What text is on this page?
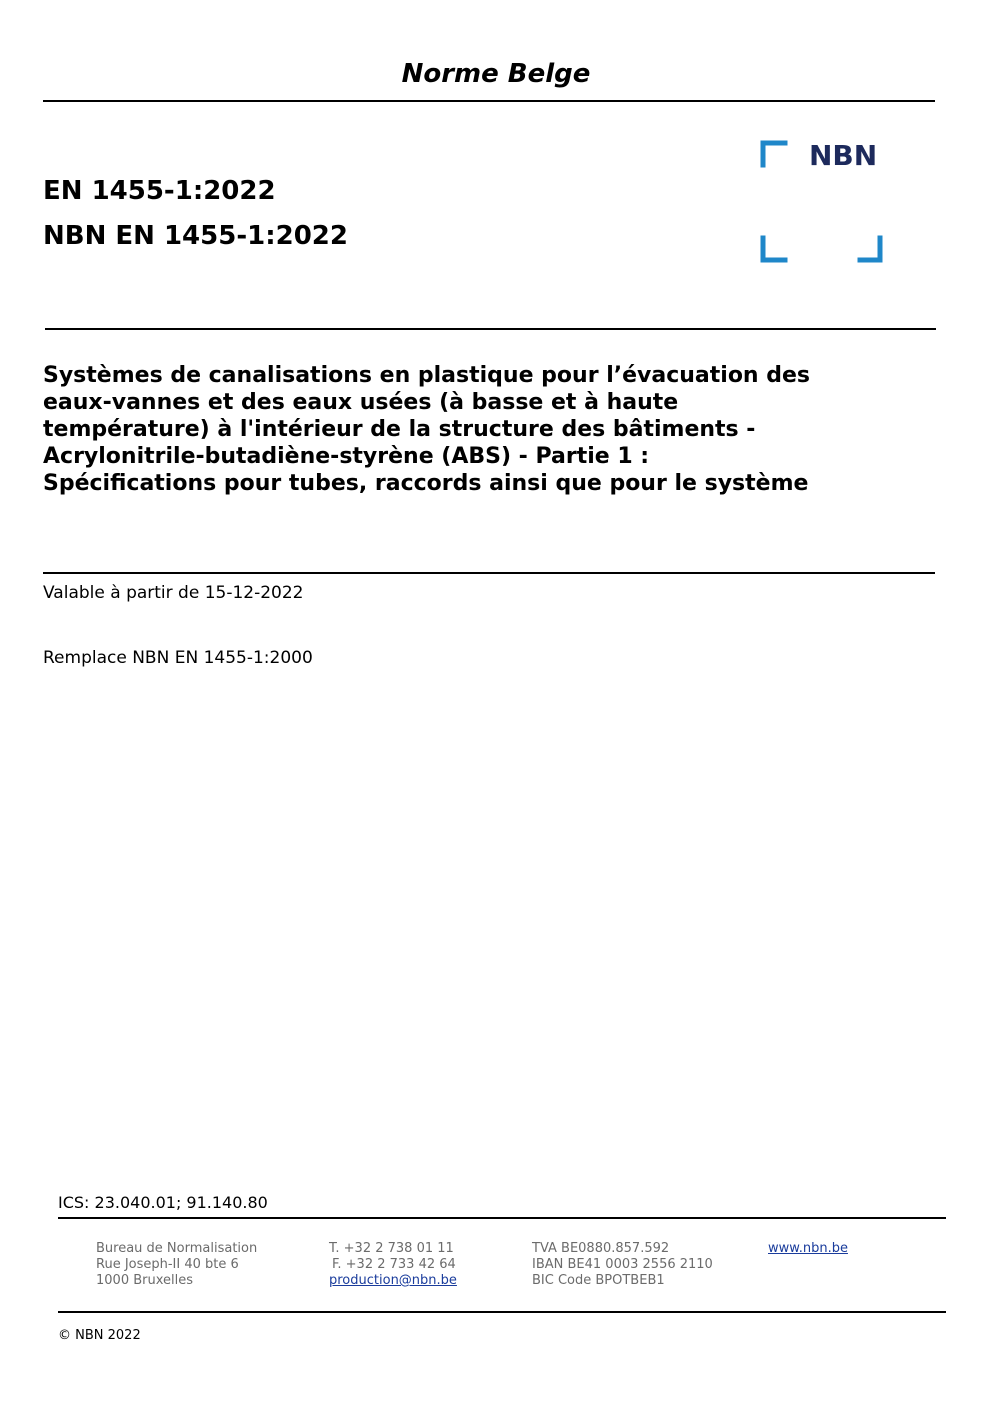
Norme Belge
EN 1455-1:2022
NBN EN 1455-1:2022
NBN
Systèmes de canalisations en plastique pour l’évacuation des
eaux-vannes et des eaux usées (à basse et à haute
température) à l'intérieur de la structure des bâtiments -
Acrylonitrile-butadiène-styrène (ABS) - Partie 1 :
Spécifications pour tubes, raccords ainsi que pour le système
Valable à partir de 15-12-2022
Remplace NBN EN 1455-1:2000
ICS: 23.040.01; 91.140.80
Bureau de Normalisation
Rue Joseph-II 40 bte 6
1000 Bruxelles
T. +32 2 738 01 11
F. +32 2 733 42 64
production@nbn.be
TVA BE0880.857.592
IBAN BE41 0003 2556 2110
BIC Code BPOTBEB1
www.nbn.be
© NBN 2022
